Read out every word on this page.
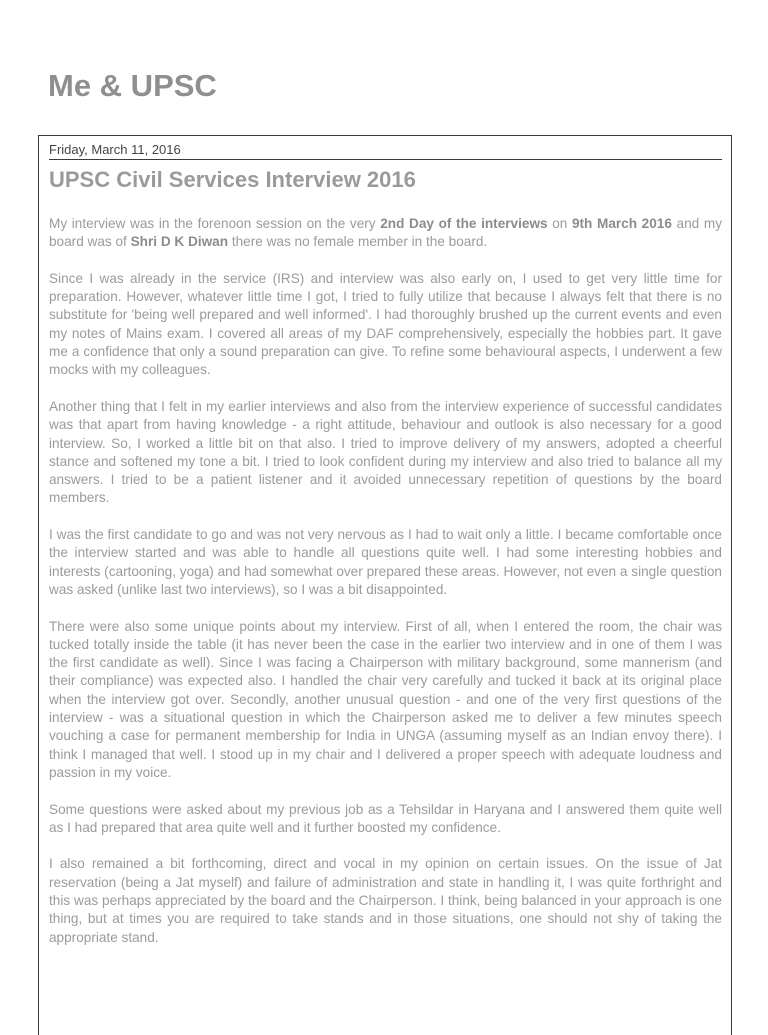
Me & UPSC
Friday, March 11, 2016
UPSC Civil Services Interview 2016

My interview was in the forenoon session on the very 2nd Day of the interviews on 9th March 2016 and my board was of Shri D K Diwan there was no female member in the board.

Since I was already in the service (IRS) and interview was also early on, I used to get very little time for preparation. However, whatever little time I got, I tried to fully utilize that because I always felt that there is no substitute for 'being well prepared and well informed'. I had thoroughly brushed up the current events and even my notes of Mains exam. I covered all areas of my DAF comprehensively, especially the hobbies part. It gave me a confidence that only a sound preparation can give. To refine some behavioural aspects, I underwent a few mocks with my colleagues.

Another thing that I felt in my earlier interviews and also from the interview experience of successful candidates was that apart from having knowledge - a right attitude, behaviour and outlook is also necessary for a good interview. So, I worked a little bit on that also. I tried to improve delivery of my answers, adopted a cheerful stance and softened my tone a bit. I tried to look confident during my interview and also tried to balance all my answers. I tried to be a patient listener and it avoided unnecessary repetition of questions by the board members.

I was the first candidate to go and was not very nervous as I had to wait only a little. I became comfortable once the interview started and was able to handle all questions quite well. I had some interesting hobbies and interests (cartooning, yoga) and had somewhat over prepared these areas. However, not even a single question was asked (unlike last two interviews), so I was a bit disappointed.

There were also some unique points about my interview. First of all, when I entered the room, the chair was tucked totally inside the table (it has never been the case in the earlier two interview and in one of them I was the first candidate as well). Since I was facing a Chairperson with military background, some mannerism (and their compliance) was expected also. I handled the chair very carefully and tucked it back at its original place when the interview got over. Secondly, another unusual question - and one of the very first questions of the interview - was a situational question in which the Chairperson asked me to deliver a few minutes speech vouching a case for permanent membership for India in UNGA (assuming myself as an Indian envoy there). I think I managed that well. I stood up in my chair and I delivered a proper speech with adequate loudness and passion in my voice.

Some questions were asked about my previous job as a Tehsildar in Haryana and I answered them quite well as I had prepared that area quite well and it further boosted my confidence.

I also remained a bit forthcoming, direct and vocal in my opinion on certain issues. On the issue of Jat reservation (being a Jat myself) and failure of administration and state in handling it, I was quite forthright and this was perhaps appreciated by the board and the Chairperson. I think, being balanced in your approach is one thing, but at times you are required to take stands and in those situations, one should not shy of taking the appropriate stand.
